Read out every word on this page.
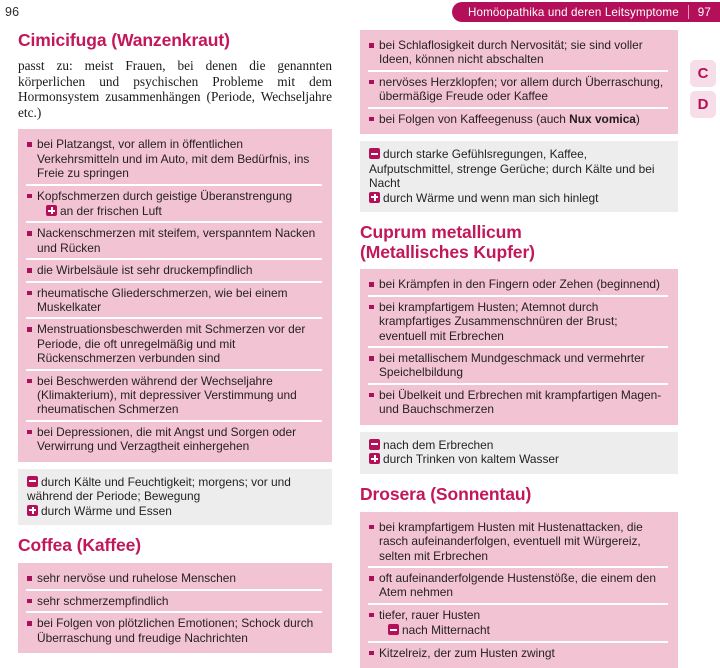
96	Homöopathika und deren Leitsymptome	97
Cimicifuga (Wanzenkraut)

passt zu: meist Frauen, bei denen die genannten körperlichen und psychischen Probleme mit dem Hormonsystem zusammenhängen (Periode, Wechseljahre etc.)

bei Platzangst, vor allem in öffentlichen Verkehrsmitteln und im Auto, mit dem Bedürfnis, ins Freie zu springen
Kopfschmerzen durch geistige Überanstrengung
an der frischen Luft
Nackenschmerzen mit steifem, verspanntem Nacken und Rücken
die Wirbelsäule ist sehr druckempfindlich
rheumatische Gliederschmerzen, wie bei einem Muskelkater
Menstruationsbeschwerden mit Schmerzen vor der Periode, die oft unregelmäßig und mit Rückenschmerzen verbunden sind
bei Beschwerden während der Wechseljahre (Klimakterium), mit depressiver Verstimmung und rheumatischen Schmerzen
bei Depressionen, die mit Angst und Sorgen oder Verwirrung und Verzagtheit einhergehen
durch Kälte und Feuchtigkeit; morgens; vor und während der Periode; Bewegung
durch Wärme und Essen
Coffea (Kaffee)
sehr nervöse und ruhelose Menschen
sehr schmerzempfindlich
bei Folgen von plötzlichen Emotionen; Schock durch Überraschung und freudige Nachrichten
bei Schlaflosigkeit durch Nervosität; sie sind voller Ideen, können nicht abschalten
nervöses Herzklopfen; vor allem durch Überraschung, übermäßige Freude oder Kaffee
bei Folgen von Kaffeegenuss (auch Nux vomica)
durch starke Gefühlsregungen, Kaffee, Aufputschmittel, strenge Gerüche; durch Kälte und bei Nacht
durch Wärme und wenn man sich hinlegt
Cuprum metallicum
(Metallisches Kupfer)
bei Krämpfen in den Fingern oder Zehen (beginnend)
bei krampfartigem Husten; Atemnot durch krampfartiges Zusammenschnüren der Brust; eventuell mit Erbrechen
bei metallischem Mundgeschmack und vermehrter Speichelbildung
bei Übelkeit und Erbrechen mit krampfartigen Magen- und Bauchschmerzen
nach dem Erbrechen
durch Trinken von kaltem Wasser
Drosera (Sonnentau)
bei krampfartigem Husten mit Hustenattacken, die rasch aufeinanderfolgen, eventuell mit Würgereiz, selten mit Erbrechen
oft aufeinanderfolgende Hustenstöße, die einem den Atem nehmen
tiefer, rauer Husten
nach Mitternacht
Kitzelreiz, der zum Husten zwingt
C
D
